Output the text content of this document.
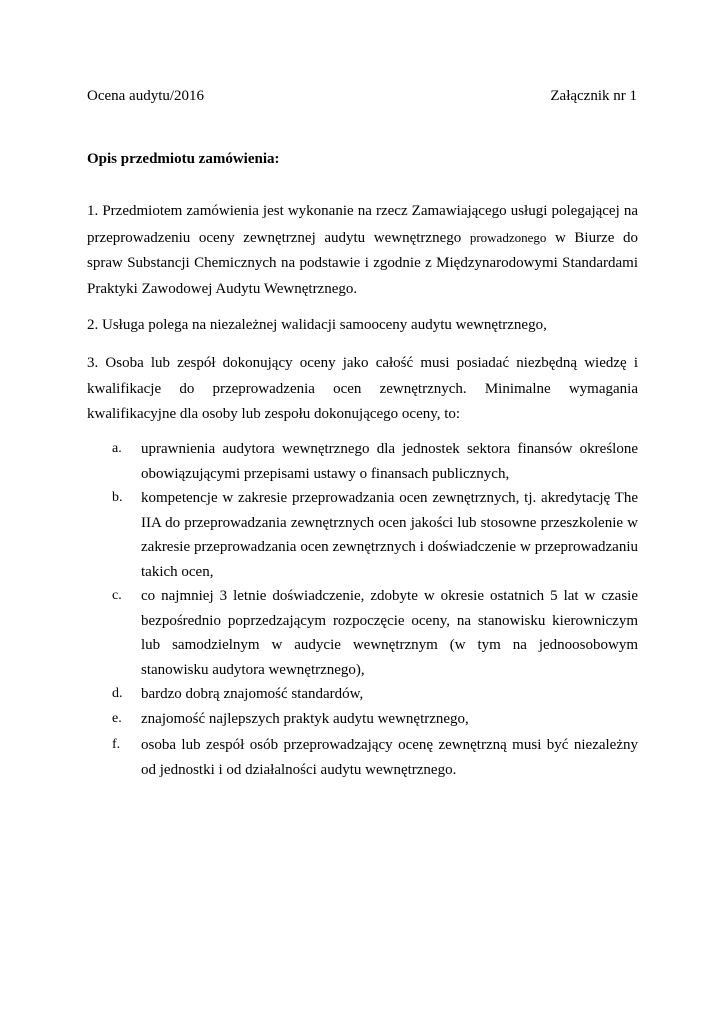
Ocena audytu/2016	Załącznik nr 1
Opis przedmiotu zamówienia:

1. Przedmiotem zamówienia jest wykonanie na rzecz Zamawiającego usługi polegającej na przeprowadzeniu oceny zewnętrznej audytu wewnętrznego prowadzonego w Biurze do spraw Substancji Chemicznych na podstawie i zgodnie z Międzynarodowymi Standardami Praktyki Zawodowej Audytu Wewnętrznego.

2. Usługa polega na niezależnej walidacji samooceny audytu wewnętrznego,

3. Osoba lub zespół dokonujący oceny jako całość musi posiadać niezbędną wiedzę i kwalifikacje do przeprowadzenia ocen zewnętrznych. Minimalne wymagania kwalifikacyjne dla osoby lub zespołu dokonującego oceny, to:

a. uprawnienia audytora wewnętrznego dla jednostek sektora finansów określone obowiązującymi przepisami ustawy o finansach publicznych,
b. kompetencje w zakresie przeprowadzania ocen zewnętrznych, tj. akredytację The IIA do przeprowadzania zewnętrznych ocen jakości lub stosowne przeszkolenie w zakresie przeprowadzania ocen zewnętrznych i doświadczenie w przeprowadzaniu takich ocen,
c. co najmniej 3 letnie doświadczenie, zdobyte w okresie ostatnich 5 lat w czasie bezpośrednio poprzedzającym rozpoczęcie oceny, na stanowisku kierowniczym lub samodzielnym w audycie wewnętrznym (w tym na jednoosobowym stanowisku audytora wewnętrznego),
d. bardzo dobrą znajomość standardów,
e. znajomość najlepszych praktyk audytu wewnętrznego,
f. osoba lub zespół osób przeprowadzający ocenę zewnętrzną musi być niezależny od jednostki i od działalności audytu wewnętrznego.
